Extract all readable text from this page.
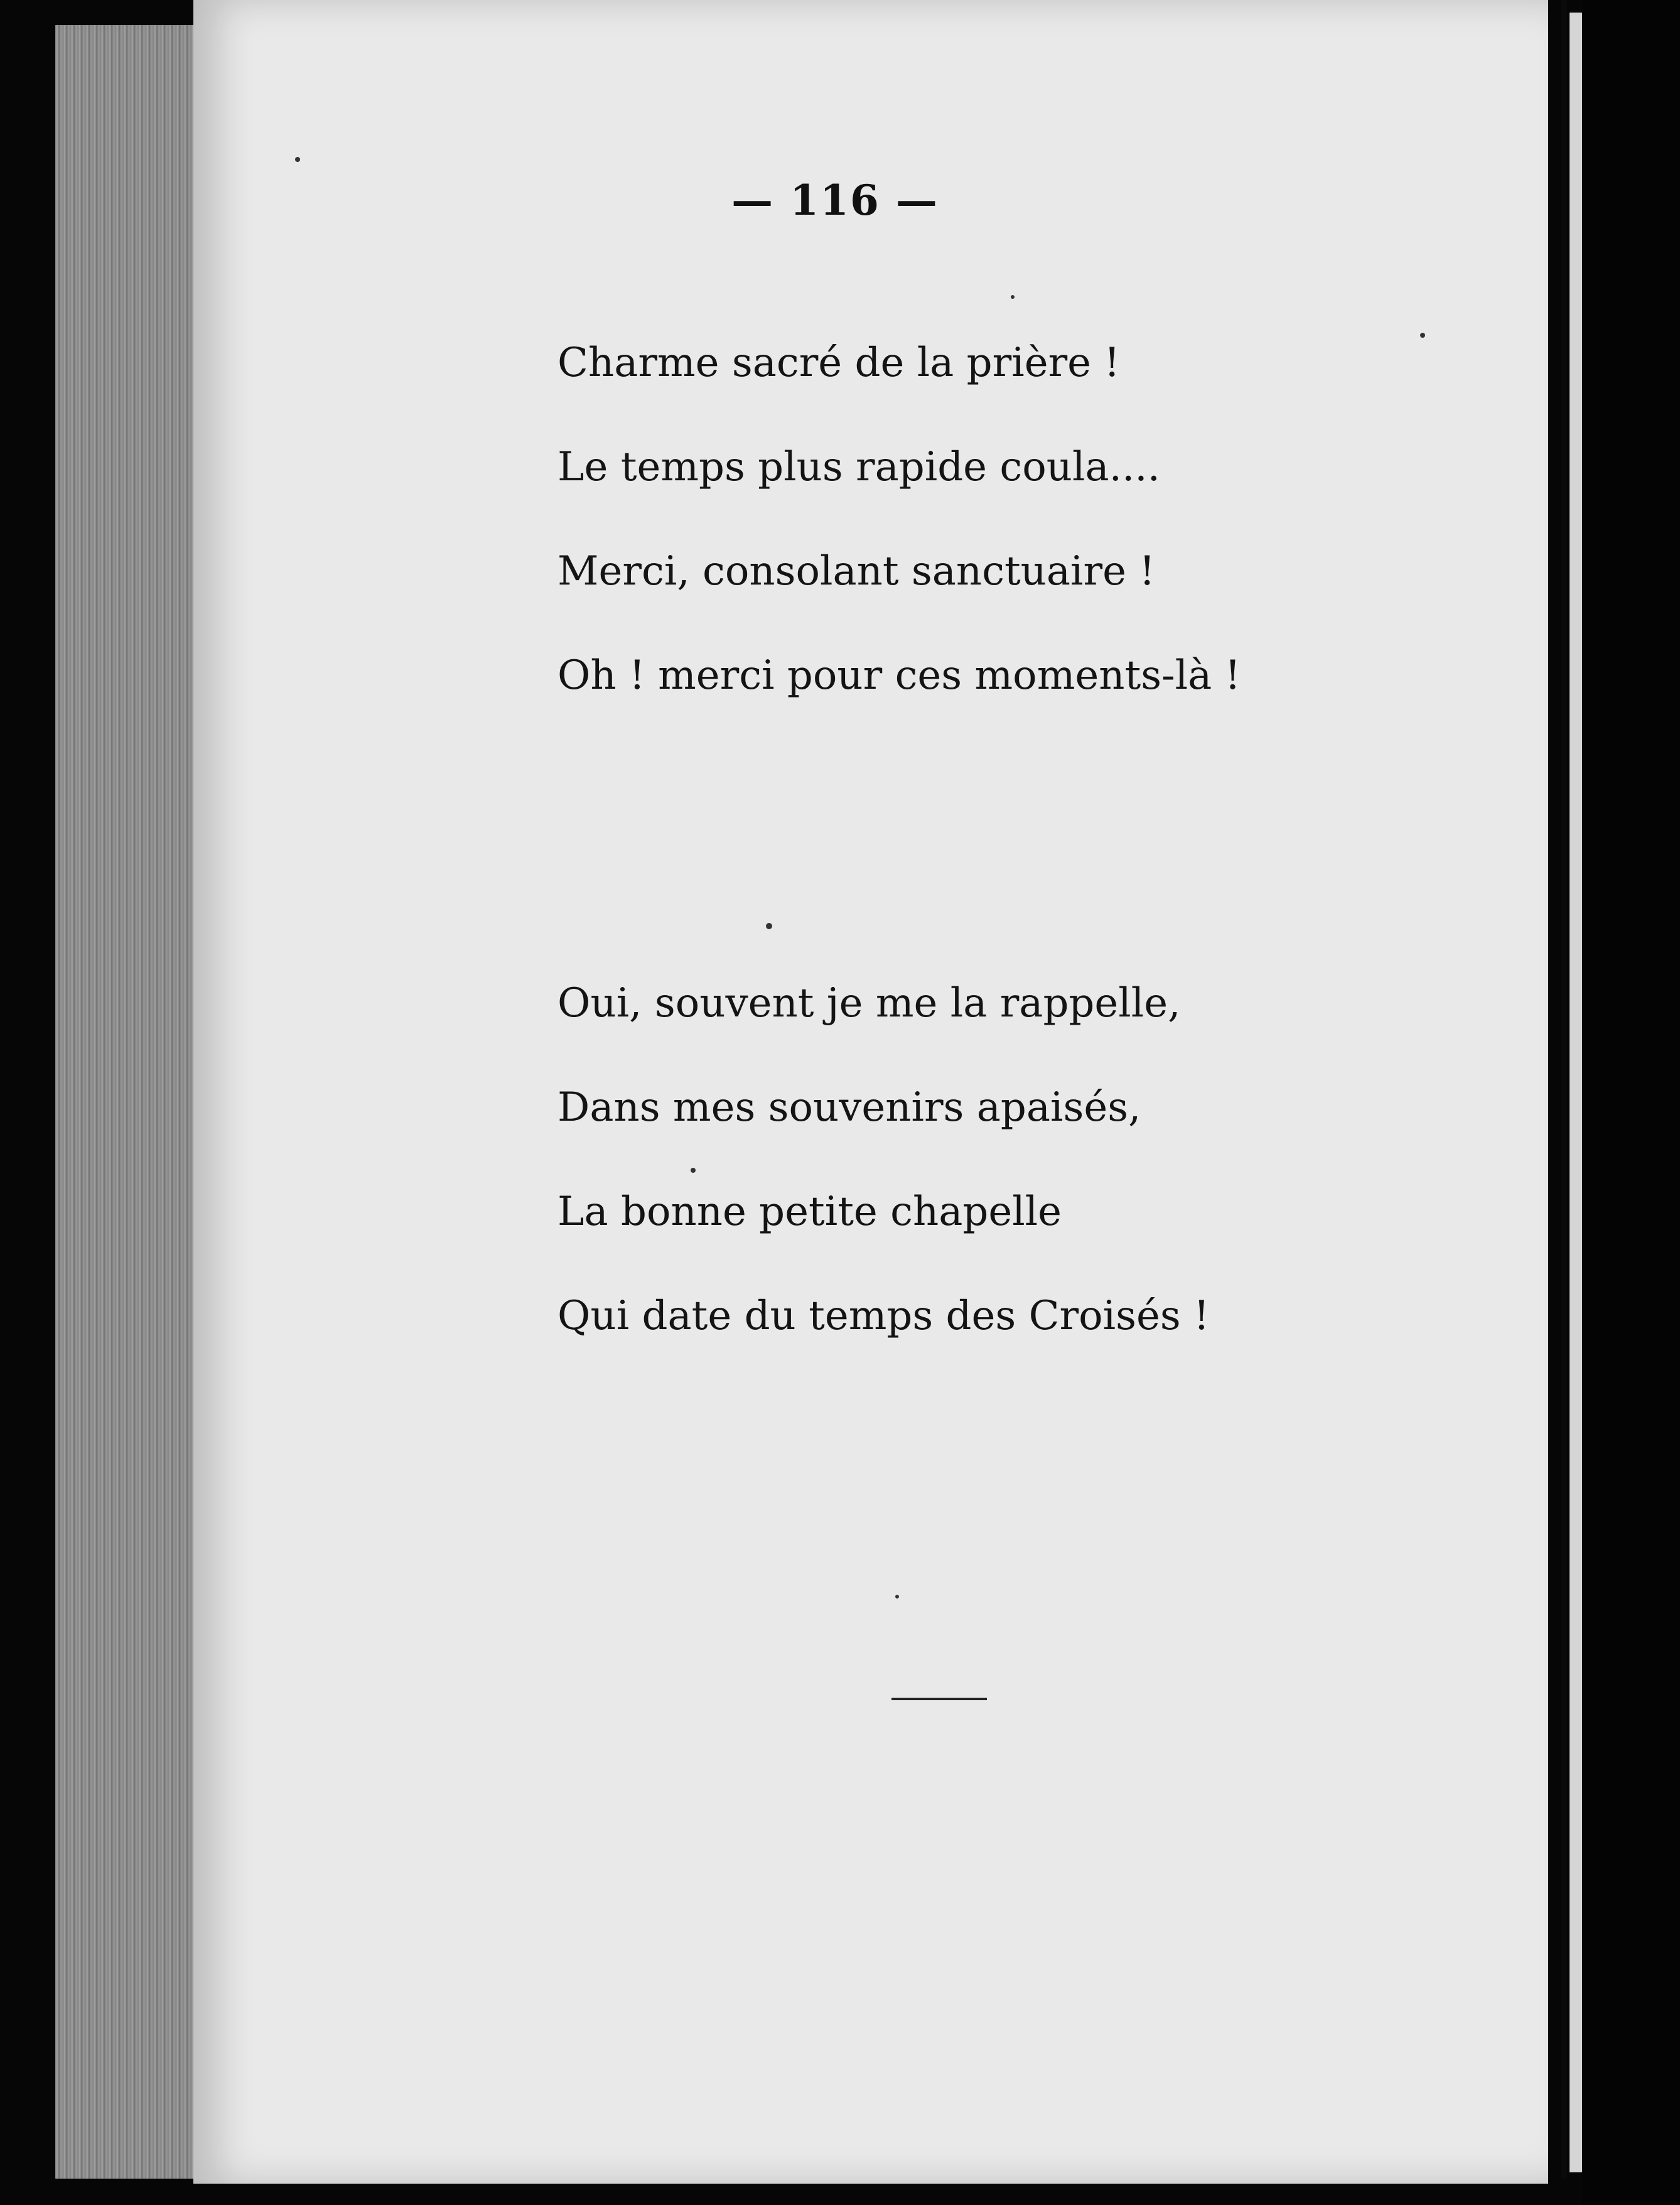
— 116 —
Charme sacré de la prière !
Le temps plus rapide coula....
Merci, consolant sanctuaire !
Oh ! merci pour ces moments-là !
Oui, souvent je me la rappelle,
Dans mes souvenirs apaisés,
La bonne petite chapelle
Qui date du temps des Croisés !
